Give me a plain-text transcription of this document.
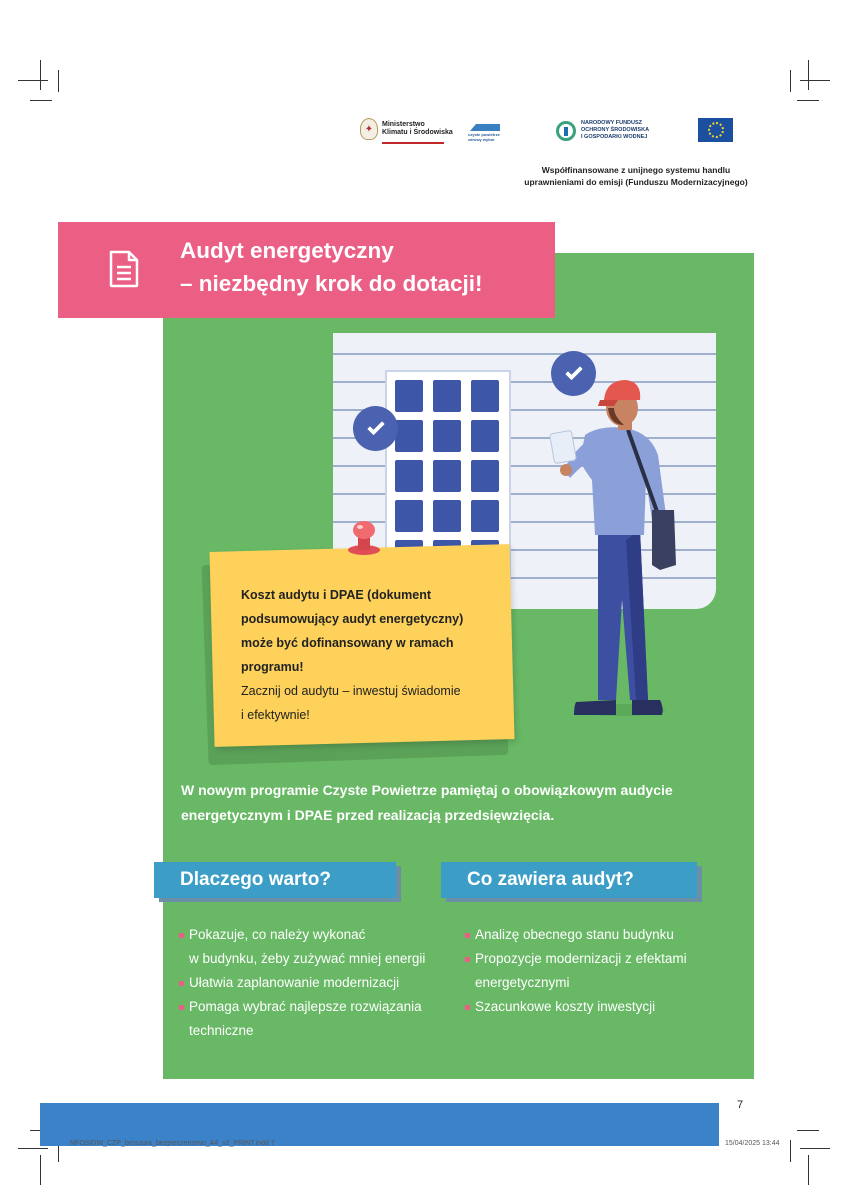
✦	Ministerstwo
Klimatu i Środowiska	czyste powietrze
zdrowy wybór
NARODOWY FUNDUSZ
OCHRONY ŚRODOWISKA
I GOSPODARKI WODNEJ
Współfinansowane z unijnego systemu handlu
uprawnieniami do emisji (Funduszu Modernizacyjnego)
Audyt energetyczny
– niezbędny krok do dotacji!
Koszt audytu i DPAE (dokument
podsumowujący audyt energetyczny)
może być dofinansowany w ramach
programu!
Zacznij od audytu – inwestuj świadomie
i efektywnie!
W nowym programie Czyste Powietrze pamiętaj o obowiązkowym audycie
energetycznym i DPAE przed realizacją przedsięwzięcia.
Dlaczego warto?	Co zawiera audyt?
Pokazuje, co należy wykonać
w budynku, żeby zużywać mniej energii
Ułatwia zaplanowanie modernizacji
Pomaga wybrać najlepsze rozwiązania
techniczne
Analizę obecnego stanu budynku
Propozycje modernizacji z efektami
energetycznymi
Szacunkowe koszty inwestycji
7
NFOSiGW_CZP_broszura_bezpieczenstwo_A4_v2_PRINT.indd 7	15/04/2025 13:44
